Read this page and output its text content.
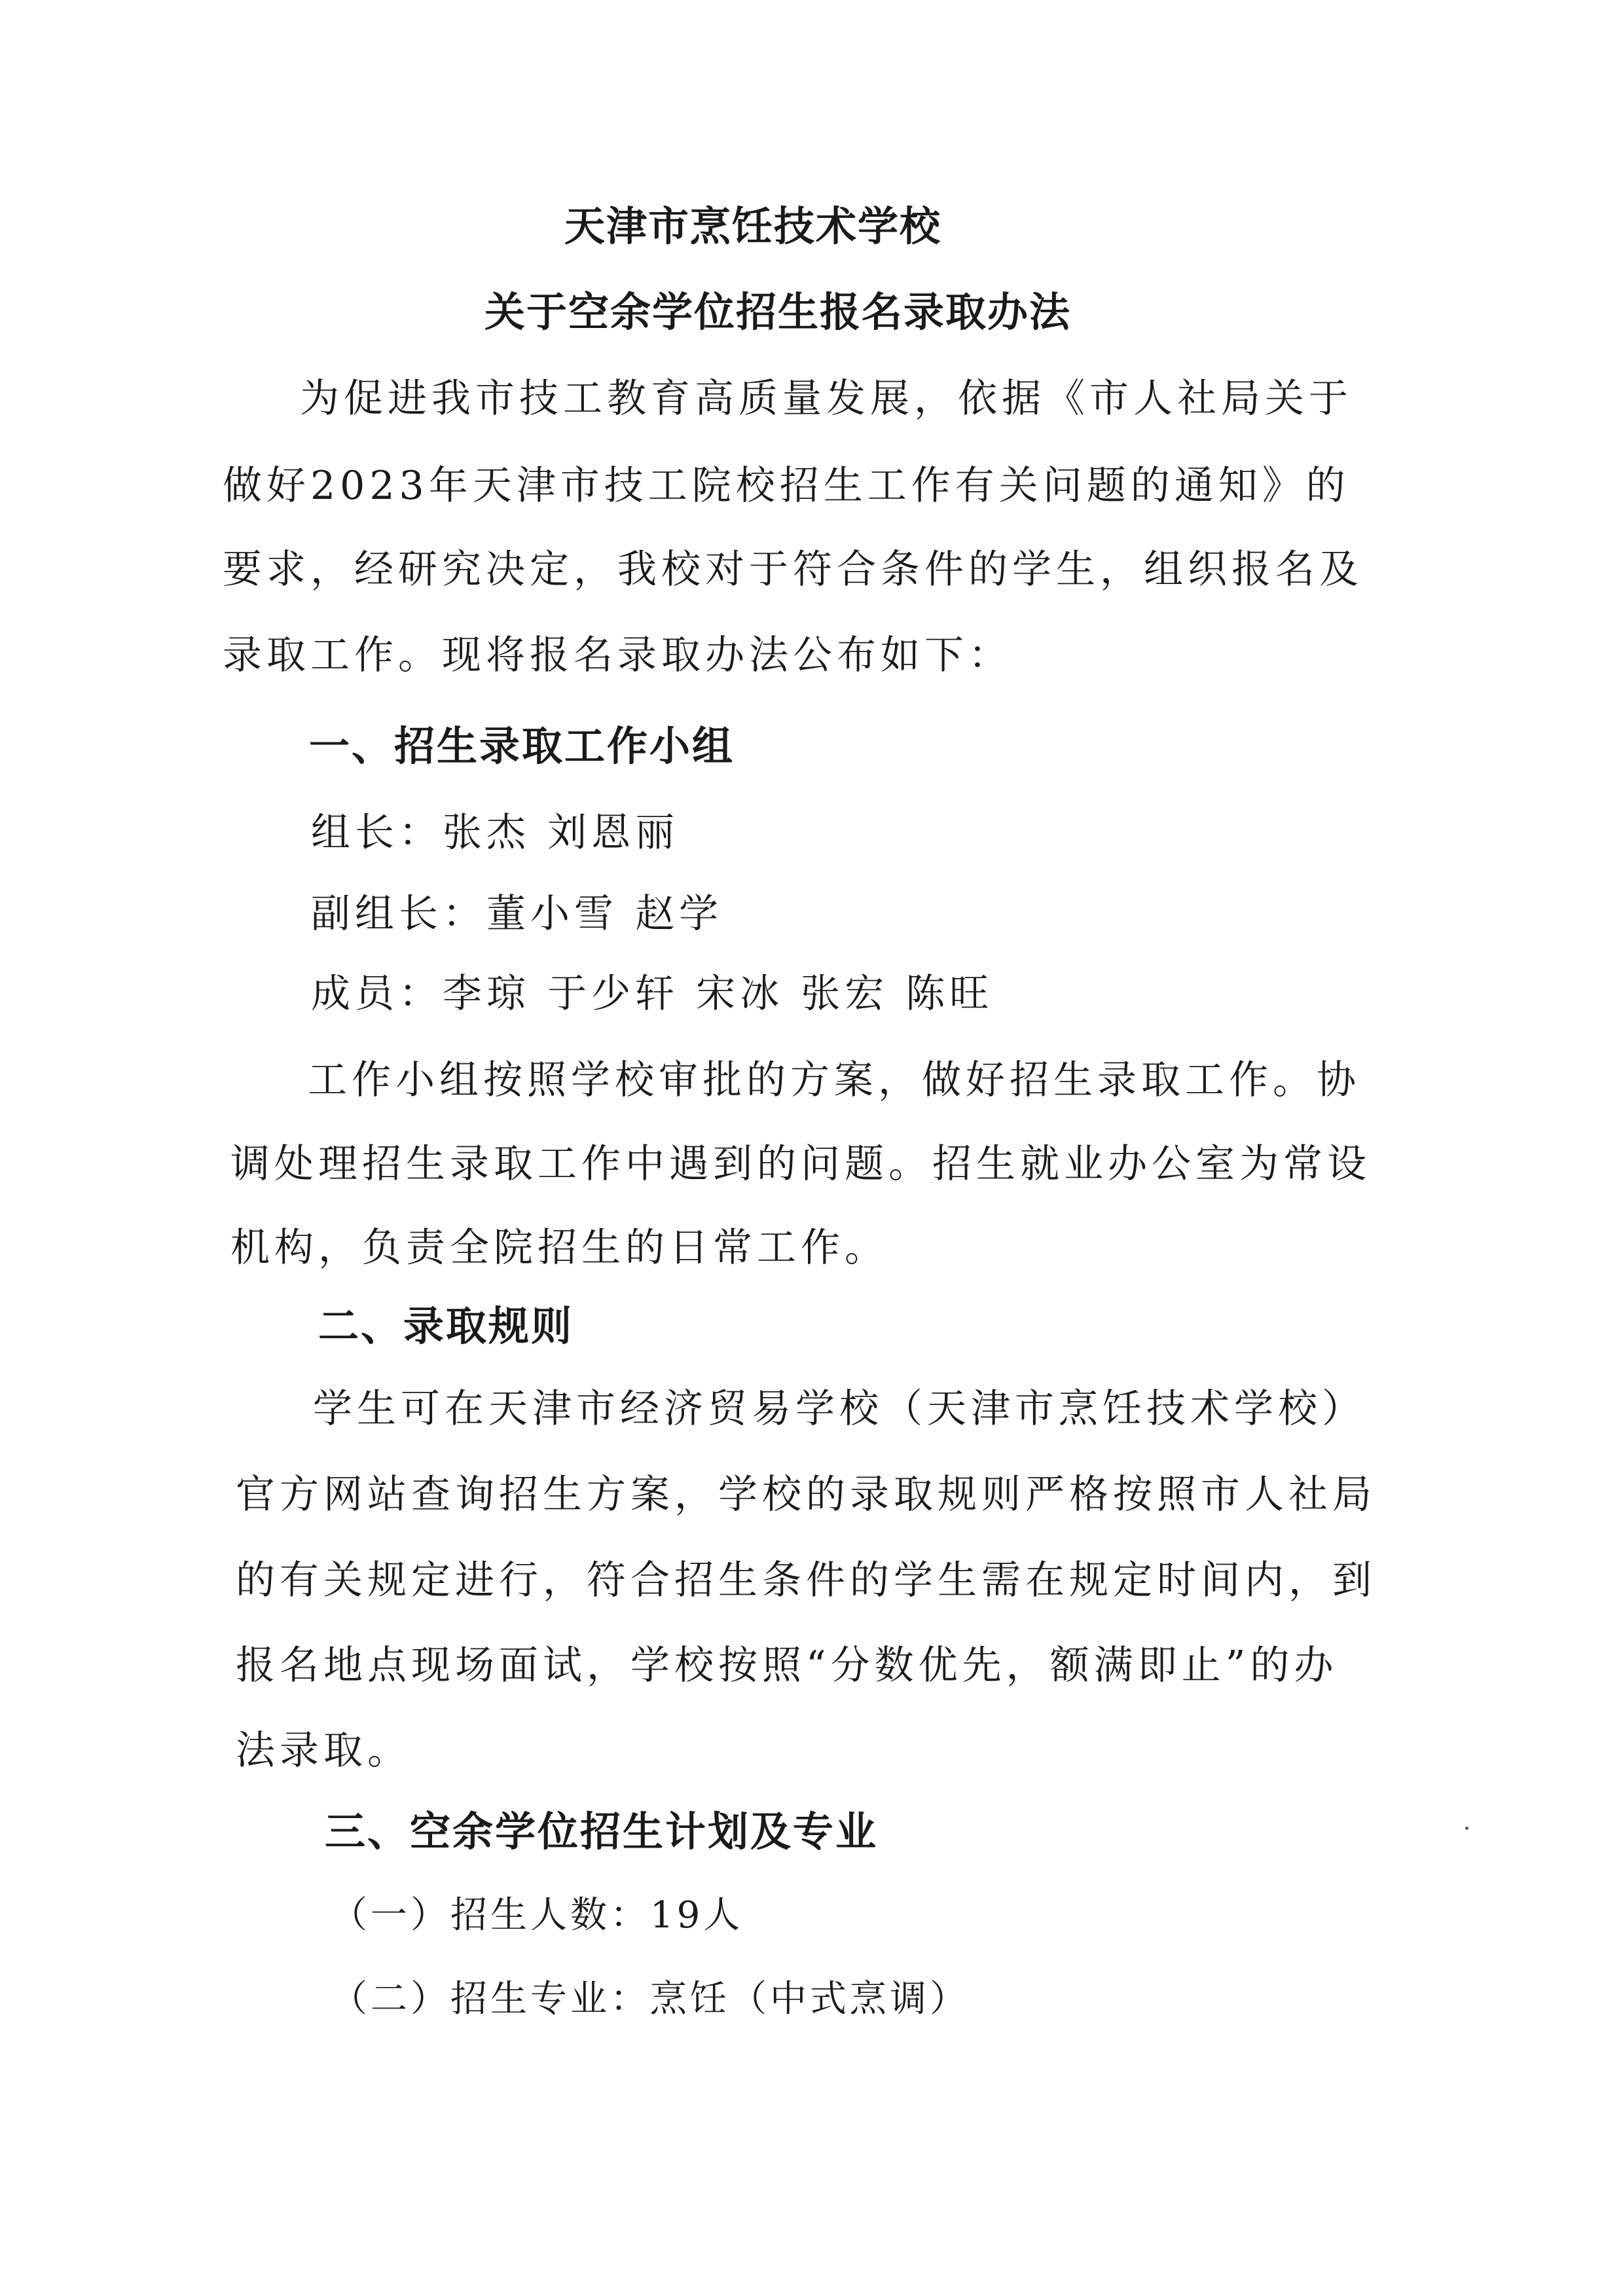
天津市烹饪技术学校
关于空余学位招生报名录取办法
为促进我市技工教育高质量发展，依据《市人社局关于
做好2023年天津市技工院校招生工作有关问题的通知》的
要求，经研究决定，我校对于符合条件的学生，组织报名及
录取工作。现将报名录取办法公布如下：
一、招生录取工作小组
组长：张杰 刘恩丽
副组长：董小雪 赵学
成员：李琼 于少轩 宋冰 张宏 陈旺
工作小组按照学校审批的方案，做好招生录取工作。协
调处理招生录取工作中遇到的问题。招生就业办公室为常设
机构，负责全院招生的日常工作。
二、录取规则
学生可在天津市经济贸易学校（天津市烹饪技术学校）
官方网站查询招生方案，学校的录取规则严格按照市人社局
的有关规定进行，符合招生条件的学生需在规定时间内，到
报名地点现场面试，学校按照“分数优先，额满即止”的办
法录取。
三、空余学位招生计划及专业
（一）招生人数：19人
（二）招生专业：烹饪（中式烹调）
